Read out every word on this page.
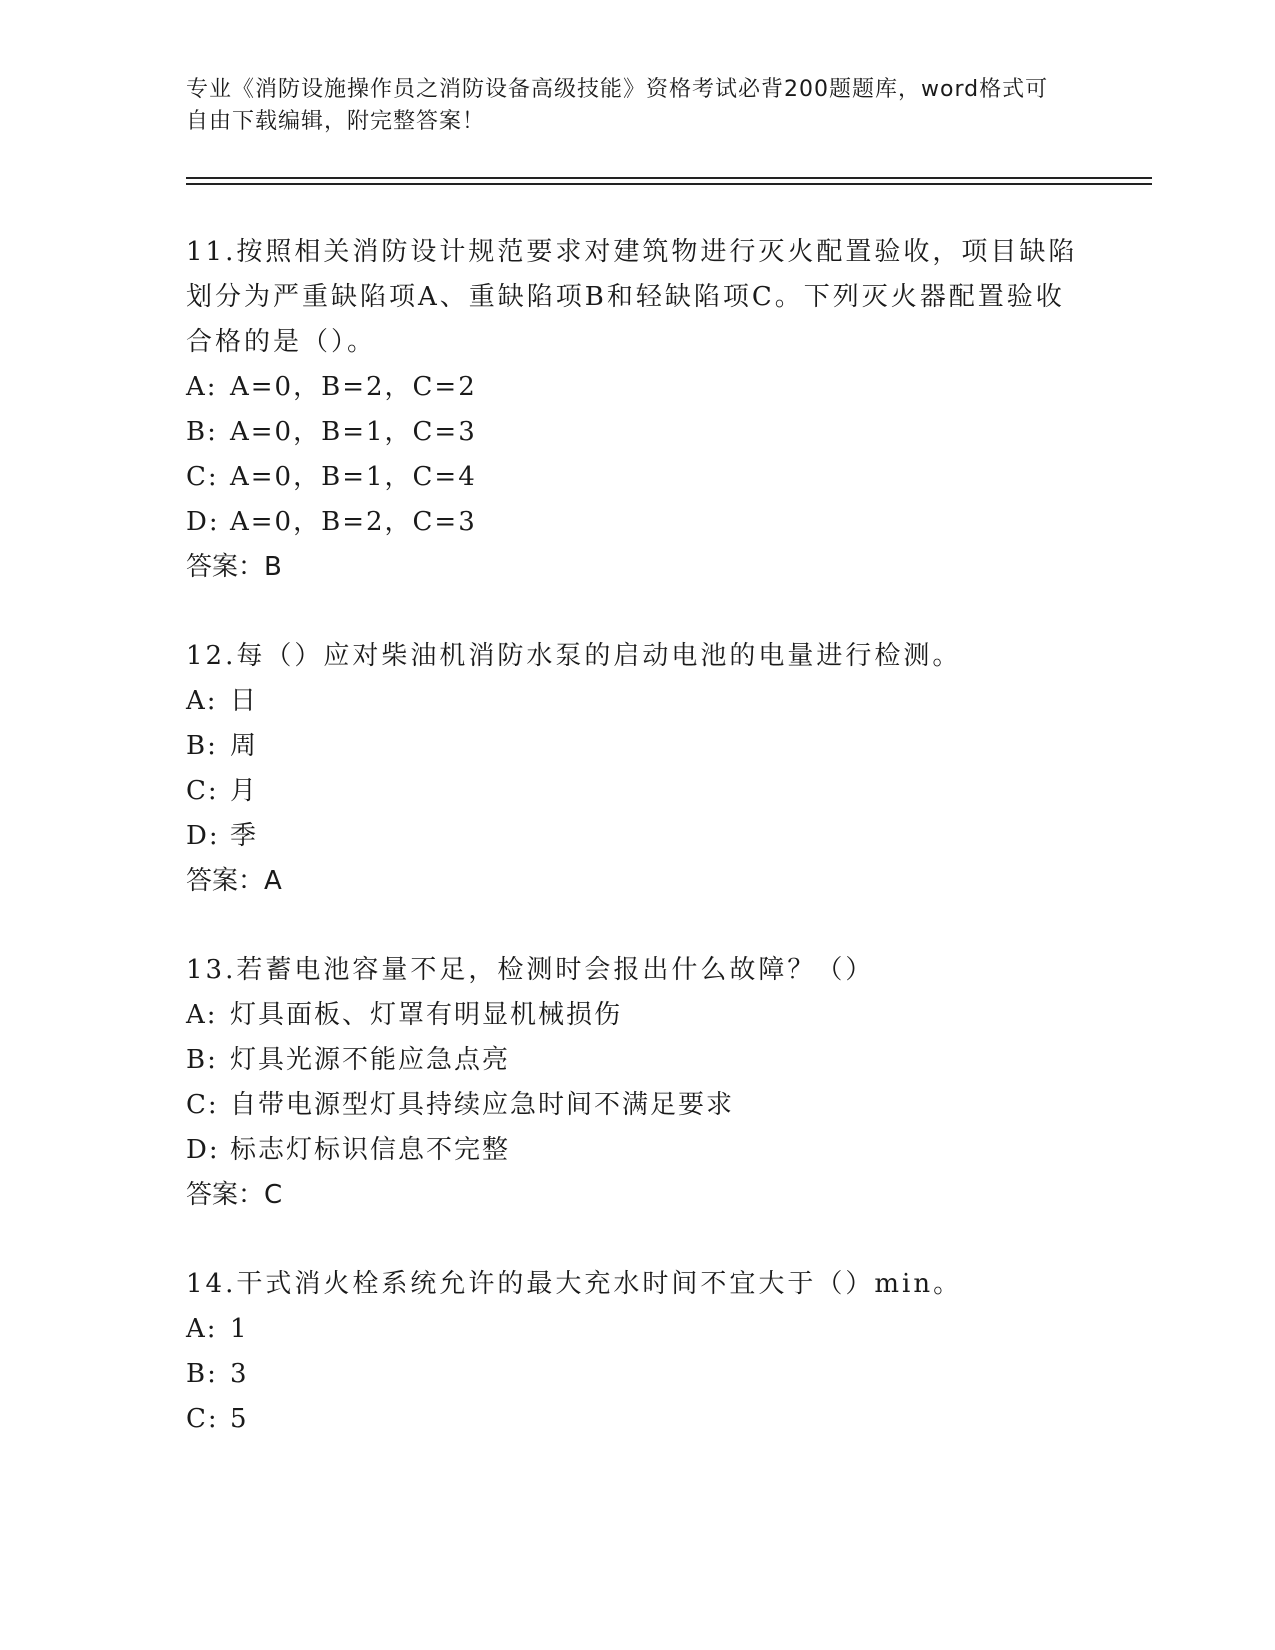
专业《消防设施操作员之消防设备高级技能》资格考试必背200题题库，word格式可自由下载编辑，附完整答案！

11.按照相关消防设计规范要求对建筑物进行灭火配置验收，项目缺陷划分为严重缺陷项A、重缺陷项B和轻缺陷项C。下列灭火器配置验收合格的是（）。

A: A=0，B=2，C=2

B: A=0，B=1，C=3

C: A=0，B=1，C=4

D: A=0，B=2，C=3

答案：B

12.每（）应对柴油机消防水泵的启动电池的电量进行检测。

A: 日

B: 周

C: 月

D: 季

答案：A

13.若蓄电池容量不足，检测时会报出什么故障？（）

A: 灯具面板、灯罩有明显机械损伤

B: 灯具光源不能应急点亮

C: 自带电源型灯具持续应急时间不满足要求

D: 标志灯标识信息不完整

答案：C

14.干式消火栓系统允许的最大充水时间不宜大于（）min。

A: 1

B: 3

C: 5
